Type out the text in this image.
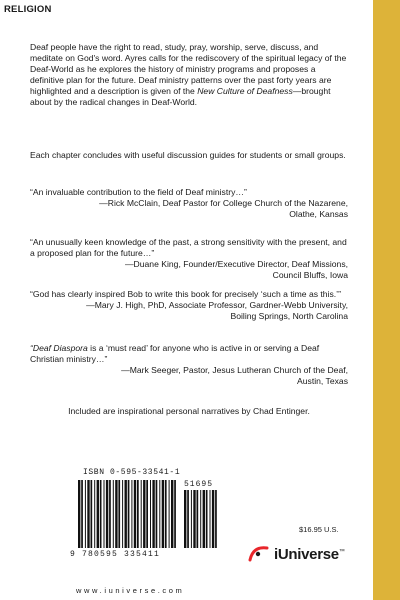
RELIGION

Deaf people have the right to read, study, pray, worship, serve, discuss, and meditate on God's word. Ayres calls for the rediscovery of the spiritual legacy of the Deaf-World as he explores the history of ministry programs and proposes a definitive plan for the future. Deaf ministry patterns over the past forty years are highlighted and a description is given of the New Culture of Deafness—brought about by the radical changes in Deaf-World.

Each chapter concludes with useful discussion guides for students or small groups.

“An invaluable contribution to the field of Deaf ministry…”

—Rick McClain, Deaf Pastor for College Church of the Nazarene,

Olathe, Kansas

“An unusually keen knowledge of the past, a strong sensitivity with the present, and a proposed plan for the future…”

—Duane King, Founder/Executive Director, Deaf Missions,

Council Bluffs, Iowa

“God has clearly inspired Bob to write this book for precisely ‘such a time as this.’”

—Mary J. High, PhD, Associate Professor, Gardner-Webb University,

Boiling Springs, North Carolina

“Deaf Diaspora is a ‘must read’ for anyone who is active in or serving a Deaf Christian ministry…”

—Mark Seeger, Pastor, Jesus Lutheran Church of the Deaf,

Austin, Texas

Included are inspirational personal narratives by Chad Entinger.

ISBN 0-595-33541-1
51695
9 780595 335411
$16.95 U.S.
iUniverse™
www.iuniverse.com
